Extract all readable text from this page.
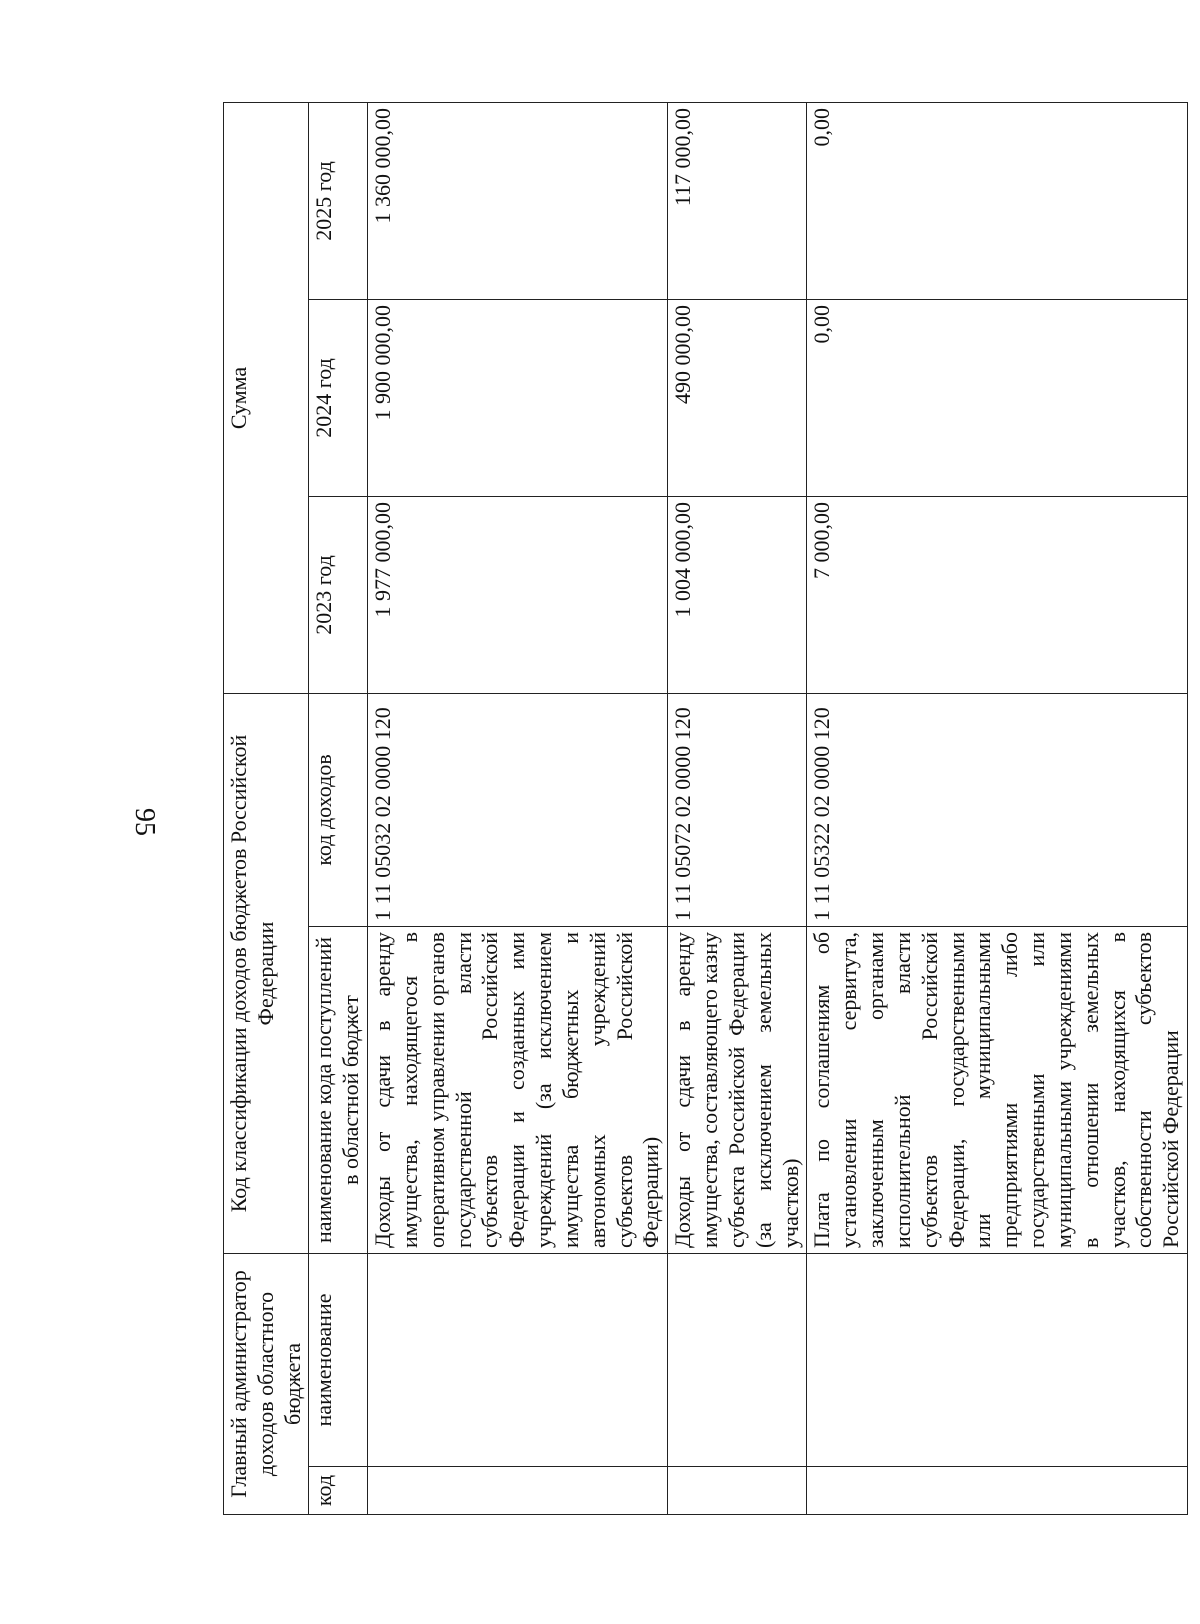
95
Главный администратор доходов областного бюджета		Код классификации доходов бюджетов Российской Федерации		Сумма		
код	наименование	наименование кода поступлений в областной бюджет	код доходов	2023 год	2024 год	2025 год
		Доходы от сдачи в аренду имущества, находящегося в оперативном управлении органов государственной власти субъектов Российской Федерации и созданных ими учреждений (за исключением имущества бюджетных и автономных учреждений субъектов Российской Федерации)	1 11 05032 02 0000 120	1 977 000,00	1 900 000,00	1 360 000,00
		Доходы от сдачи в аренду имущества, составляющего казну субъекта Российской Федерации (за исключением земельных участков)	1 11 05072 02 0000 120	1 004 000,00	490 000,00	117 000,00
		Плата по соглашениям об установлении сервитута, заключенным органами исполнительной власти субъектов Российской Федерации, государственными или муниципальными предприятиями либо государственными или муниципальными учреждениями в отношении земельных участков, находящихся в собственности субъектов Российской Федерации	1 11 05322 02 0000 120	7 000,00	0,00	0,00
